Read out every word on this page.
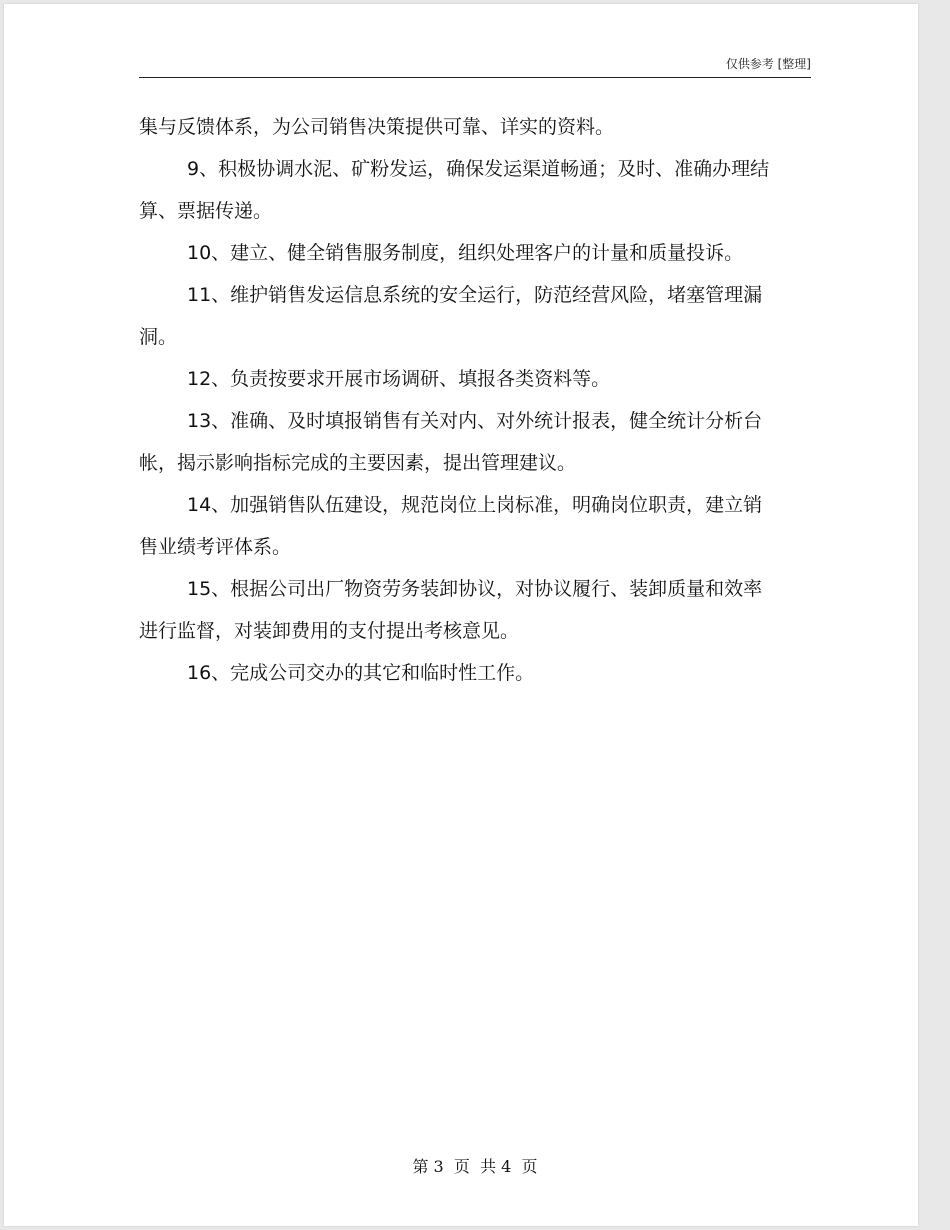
仅供参考 [整理]

集与反馈体系，为公司销售决策提供可靠、详实的资料。

9、积极协调水泥、矿粉发运，确保发运渠道畅通；及时、准确办理结算、票据传递。

10、建立、健全销售服务制度，组织处理客户的计量和质量投诉。

11、维护销售发运信息系统的安全运行，防范经营风险，堵塞管理漏洞。

12、负责按要求开展市场调研、填报各类资料等。

13、准确、及时填报销售有关对内、对外统计报表，健全统计分析台帐，揭示影响指标完成的主要因素，提出管理建议。

14、加强销售队伍建设，规范岗位上岗标准，明确岗位职责，建立销售业绩考评体系。

15、根据公司出厂物资劳务装卸协议，对协议履行、装卸质量和效率进行监督，对装卸费用的支付提出考核意见。

16、完成公司交办的其它和临时性工作。

第 3  页  共 4  页
